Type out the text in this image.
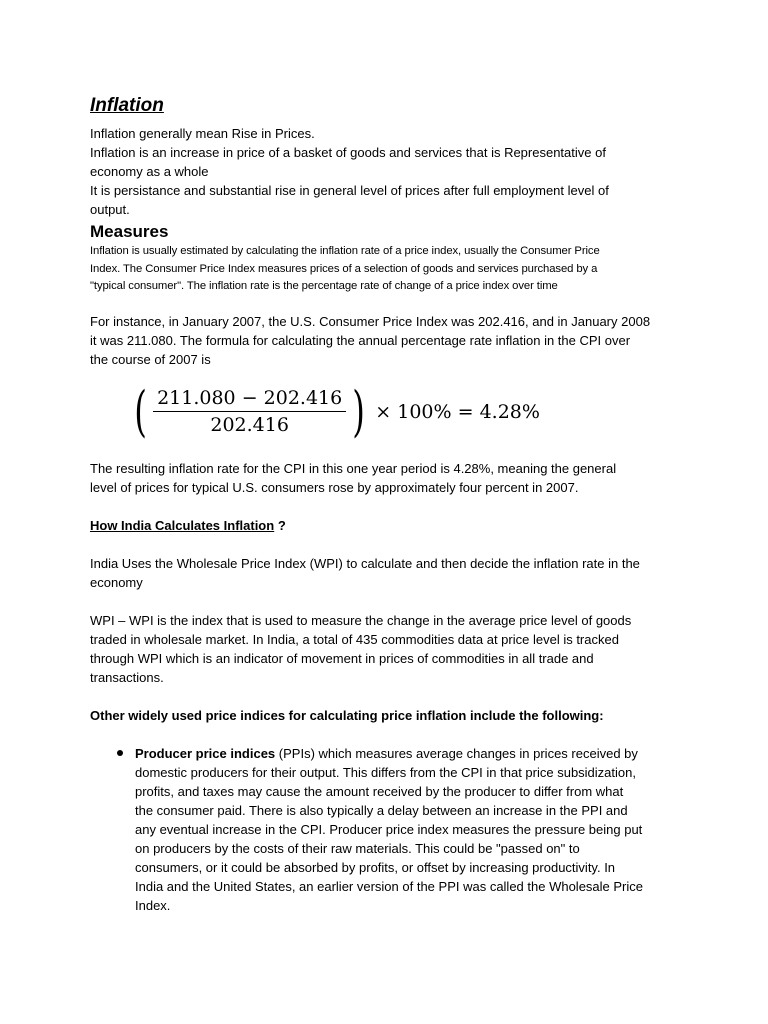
Inflation

Inflation generally mean Rise in Prices.

Inflation is an increase in price of a basket of goods and services that is Representative of

economy as a whole

It is persistance and substantial rise in general level of prices after full employment level of

output.

Measures

Inflation is usually estimated by calculating the inflation rate of a price index, usually the Consumer Price

Index. The Consumer Price Index measures prices of a selection of goods and services purchased by a

"typical consumer". The inflation rate is the percentage rate of change of a price index over time

For instance, in January 2007, the U.S. Consumer Price Index was 202.416, and in January 2008

it was 211.080. The formula for calculating the annual percentage rate inflation in the CPI over

the course of 2007 is

( $\frac{211.080 - 202.416}{202.416}$ ) × 100% = 4.28%

The resulting inflation rate for the CPI in this one year period is 4.28%, meaning the general

level of prices for typical U.S. consumers rose by approximately four percent in 2007.

How India Calculates Inflation ?

India Uses the Wholesale Price Index (WPI) to calculate and then decide the inflation rate in the

economy

WPI – WPI is the index that is used to measure the change in the average price level of goods

traded in wholesale market. In India, a total of 435 commodities data at price level is tracked

through WPI which is an indicator of movement in prices of commodities in all trade and

transactions.

Other widely used price indices for calculating price inflation include the following:

Producer price indices (PPIs) which measures average changes in prices received by
domestic producers for their output. This differs from the CPI in that price subsidization,
profits, and taxes may cause the amount received by the producer to differ from what
the consumer paid. There is also typically a delay between an increase in the PPI and
any eventual increase in the CPI. Producer price index measures the pressure being put
on producers by the costs of their raw materials. This could be "passed on" to
consumers, or it could be absorbed by profits, or offset by increasing productivity. In
India and the United States, an earlier version of the PPI was called the Wholesale Price
Index.
